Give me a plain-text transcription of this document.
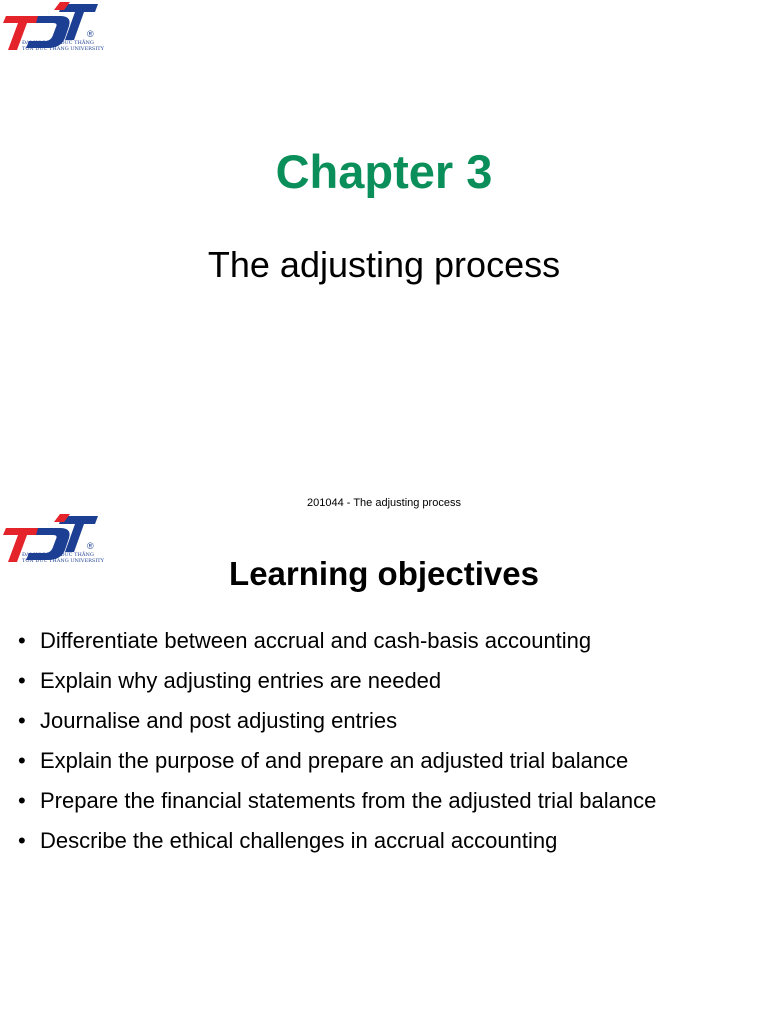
ĐẠI HỌC TÔN ĐỨC THẮNG
TON DUC THANG UNIVERSITY
®
Chapter 3
The adjusting process
201044 - The adjusting process
ĐẠI HỌC TÔN ĐỨC THẮNG
TON DUC THANG UNIVERSITY
®
Learning objectives
• Differentiate between accrual and cash-basis accounting
• Explain why adjusting entries are needed
• Journalise and post adjusting entries
• Explain the purpose of and prepare an adjusted trial balance
• Prepare the financial statements from the adjusted trial balance
• Describe the ethical challenges in accrual accounting
